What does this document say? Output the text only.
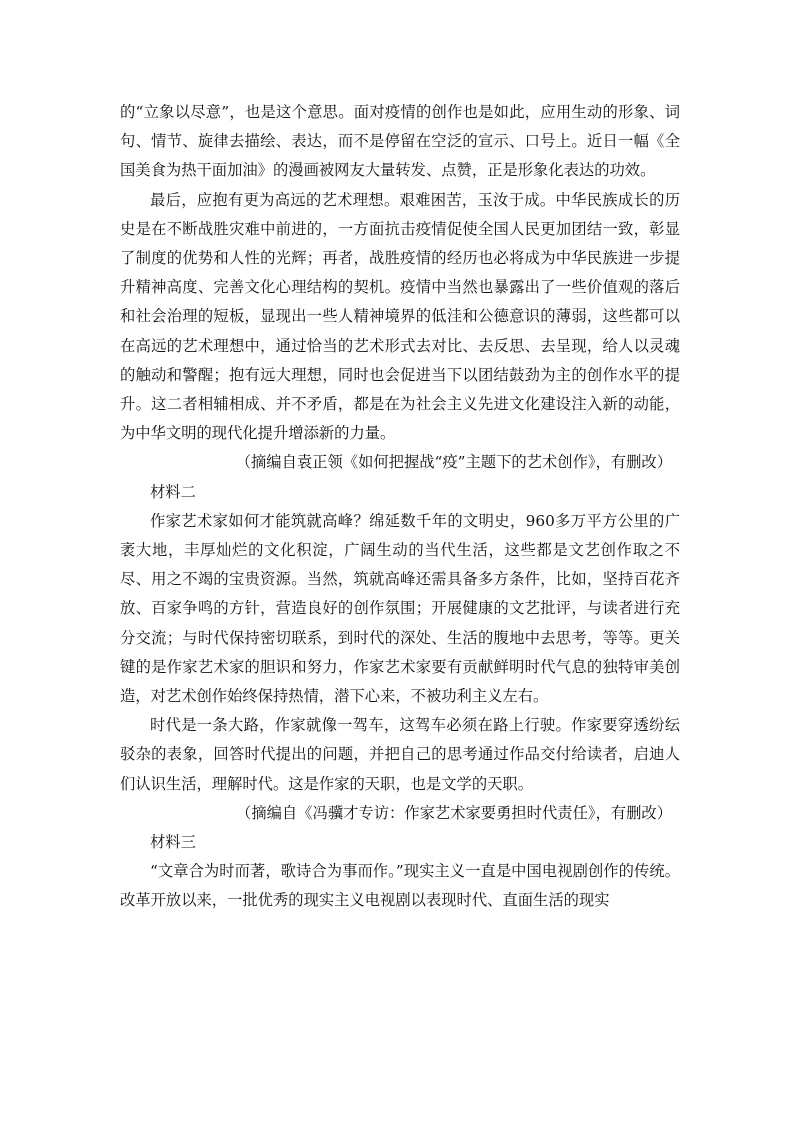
的“立象以尽意”，也是这个意思。面对疫情的创作也是如此，应用生动的形象、词句、情节、旋律去描绘、表达，而不是停留在空泛的宣示、口号上。近日一幅《全国美食为热干面加油》的漫画被网友大量转发、点赞，正是形象化表达的功效。

最后，应抱有更为高远的艺术理想。艰难困苦，玉汝于成。中华民族成长的历史是在不断战胜灾难中前进的，一方面抗击疫情促使全国人民更加团结一致，彰显了制度的优势和人性的光辉；再者，战胜疫情的经历也必将成为中华民族进一步提升精神高度、完善文化心理结构的契机。疫情中当然也暴露出了一些价值观的落后和社会治理的短板，显现出一些人精神境界的低洼和公德意识的薄弱，这些都可以在高远的艺术理想中，通过恰当的艺术形式去对比、去反思、去呈现，给人以灵魂的触动和警醒；抱有远大理想，同时也会促进当下以团结鼓劲为主的创作水平的提升。这二者相辅相成、并不矛盾，都是在为社会主义先进文化建设注入新的动能，为中华文明的现代化提升增添新的力量。

（摘编自袁正领《如何把握战“疫”主题下的艺术创作》，有删改）

材料二

作家艺术家如何才能筑就高峰？绵延数千年的文明史，960多万平方公里的广袤大地，丰厚灿烂的文化积淀，广阔生动的当代生活，这些都是文艺创作取之不尽、用之不竭的宝贵资源。当然，筑就高峰还需具备多方条件，比如，坚持百花齐放、百家争鸣的方针，营造良好的创作氛围；开展健康的文艺批评，与读者进行充分交流；与时代保持密切联系，到时代的深处、生活的腹地中去思考，等等。更关键的是作家艺术家的胆识和努力，作家艺术家要有贡献鲜明时代气息的独特审美创造，对艺术创作始终保持热情，潜下心来，不被功利主义左右。

时代是一条大路，作家就像一驾车，这驾车必须在路上行驶。作家要穿透纷纭驳杂的表象，回答时代提出的问题，并把自己的思考通过作品交付给读者，启迪人们认识生活，理解时代。这是作家的天职，也是文学的天职。

（摘编自《冯骥才专访：作家艺术家要勇担时代责任》，有删改）

材料三

“文章合为时而著，歌诗合为事而作。”现实主义一直是中国电视剧创作的传统。改革开放以来，一批优秀的现实主义电视剧以表现时代、直面生活的现实
